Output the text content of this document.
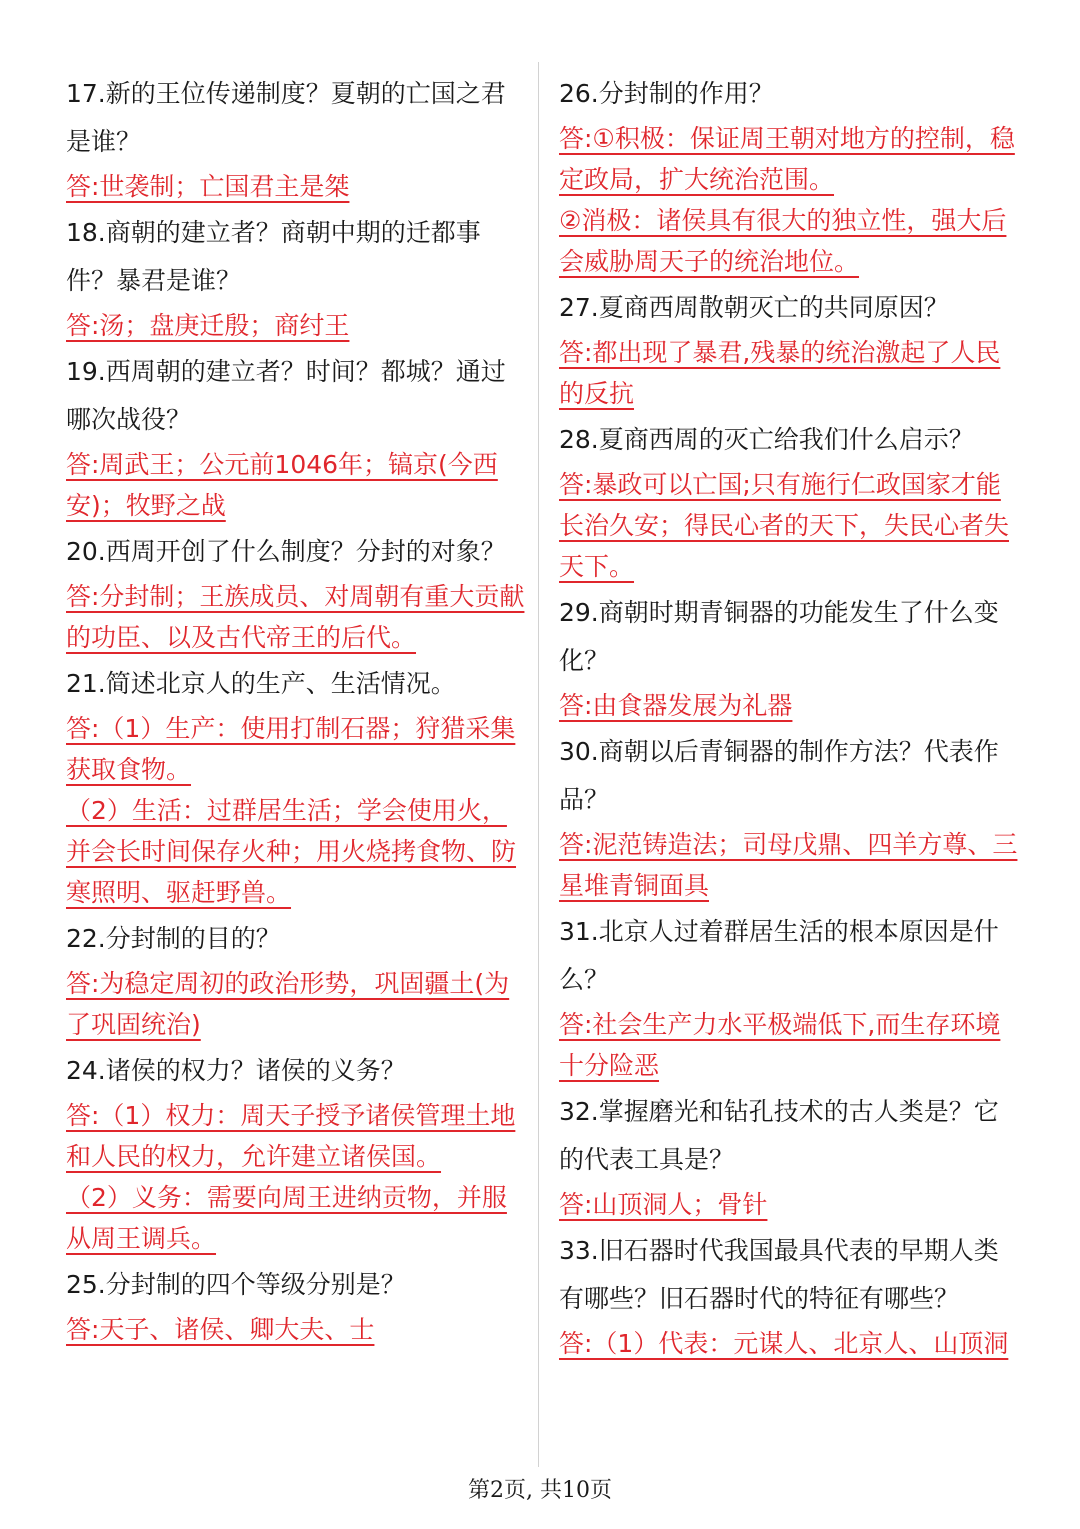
17.新的王位传递制度？夏朝的亡国之君是谁？

答:世袭制；亡国君主是桀

18.商朝的建立者？商朝中期的迁都事件？暴君是谁？

答:汤；盘庚迁殷；商纣王

19.西周朝的建立者？时间？都城？通过哪次战役？

答:周武王；公元前1046年；镐京(今西安)；牧野之战

20.西周开创了什么制度？分封的对象？

答:分封制；王族成员、对周朝有重大贡献的功臣、以及古代帝王的后代。

21.简述北京人的生产、生活情况。

答:（1）生产：使用打制石器；狩猎采集获取食物。
（2）生活：过群居生活；学会使用火，并会长时间保存火种；用火烧拷食物、防寒照明、驱赶野兽。

22.分封制的目的？

答:为稳定周初的政治形势，巩固疆土(为了巩固统治)

24.诸侯的权力？诸侯的义务？

答:（1）权力：周天子授予诸侯管理土地和人民的权力，允许建立诸侯国。
（2）义务：需要向周王进纳贡物，并服从周王调兵。

25.分封制的四个等级分别是？

答:天子、诸侯、卿大夫、士

26.分封制的作用？

答:①积极：保证周王朝对地方的控制，稳定政局，扩大统治范围。
②消极：诸侯具有很大的独立性，强大后会威胁周天子的统治地位。

27.夏商西周散朝灭亡的共同原因？

答:都出现了暴君,残暴的统治激起了人民的反抗

28.夏商西周的灭亡给我们什么启示？

答:暴政可以亡国;只有施行仁政国家才能长治久安；得民心者的天下，失民心者失天下。

29.商朝时期青铜器的功能发生了什么变化？

答:由食器发展为礼器

30.商朝以后青铜器的制作方法？代表作品？

答:泥范铸造法；司母戊鼎、四羊方尊、三星堆青铜面具

31.北京人过着群居生活的根本原因是什么？

答:社会生产力水平极端低下,而生存环境十分险恶

32.掌握磨光和钻孔技术的古人类是？它的代表工具是？

答:山顶洞人；骨针

33.旧石器时代我国最具代表的早期人类有哪些？旧石器时代的特征有哪些？

答:（1）代表：元谋人、北京人、山顶洞

第2页, 共10页
